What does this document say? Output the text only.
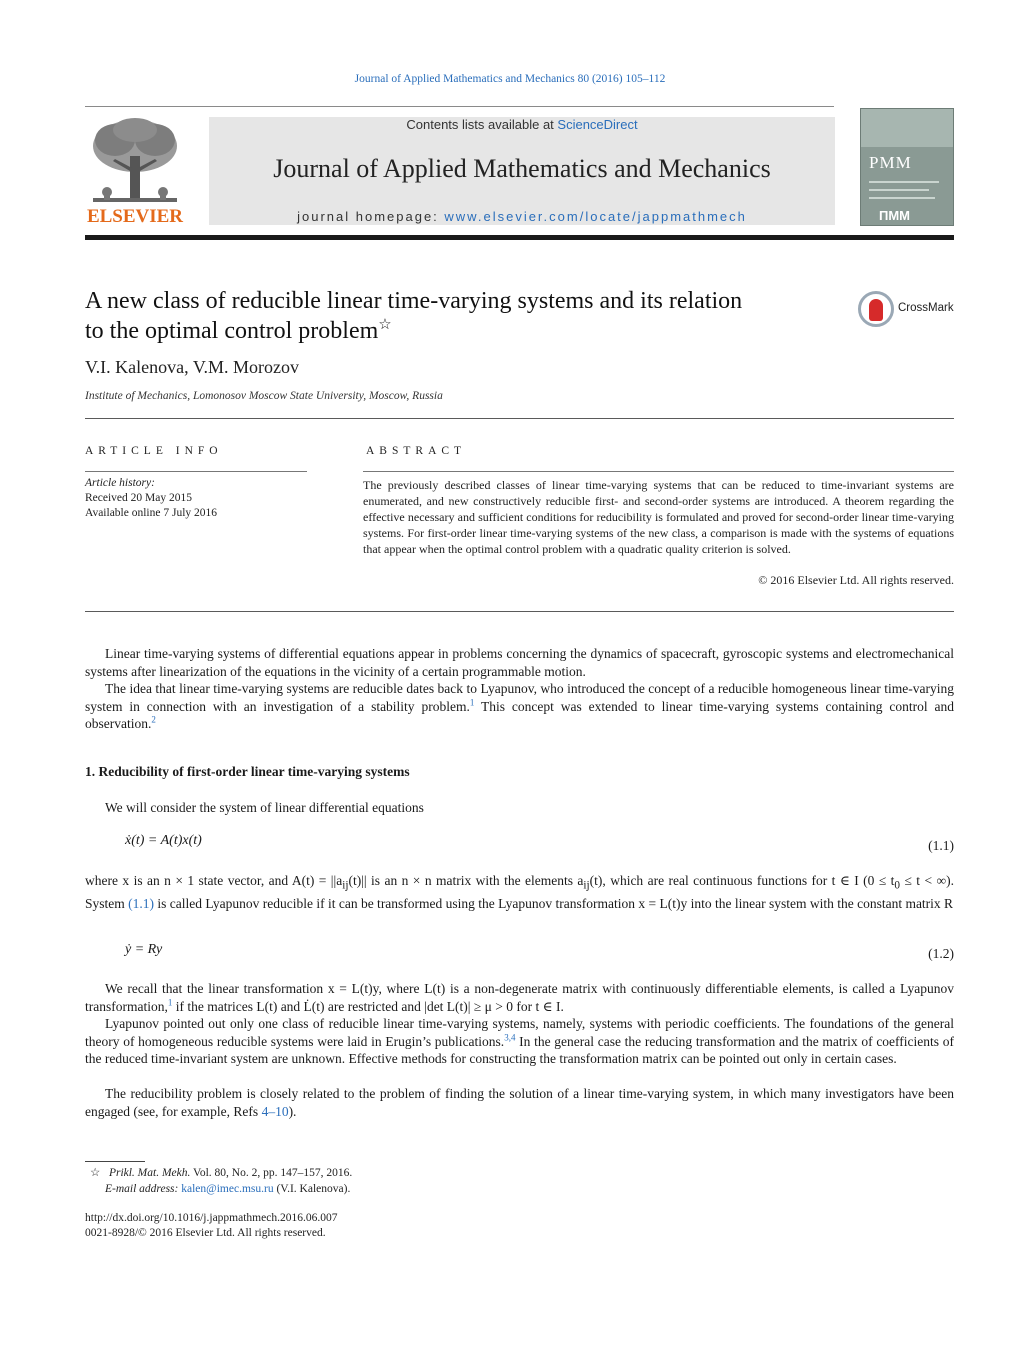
Journal of Applied Mathematics and Mechanics 80 (2016) 105–112
ELSEVIER
Contents lists available at ScienceDirect
Journal of Applied Mathematics and Mechanics
journal homepage: www.elsevier.com/locate/jappmathmech
PMM
ПММ
A new class of reducible linear time-varying systems and its relation
to the optimal control problem☆
CrossMark
V.I. Kalenova, V.M. Morozov
Institute of Mechanics, Lomonosov Moscow State University, Moscow, Russia
ARTICLE INFO
Article history:
Received 20 May 2015
Available online 7 July 2016
ABSTRACT
The previously described classes of linear time-varying systems that can be reduced to time-invariant systems are enumerated, and new constructively reducible first- and second-order systems are introduced. A theorem regarding the effective necessary and sufficient conditions for reducibility is formulated and proved for second-order linear time-varying systems. For first-order linear time-varying systems of the new class, a comparison is made with the systems of equations that appear when the optimal control problem with a quadratic quality criterion is solved.
© 2016 Elsevier Ltd. All rights reserved.
Linear time-varying systems of differential equations appear in problems concerning the dynamics of spacecraft, gyroscopic systems and electromechanical systems after linearization of the equations in the vicinity of a certain programmable motion.
The idea that linear time-varying systems are reducible dates back to Lyapunov, who introduced the concept of a reducible homogeneous linear time-varying system in connection with an investigation of a stability problem.$^1$ This concept was extended to linear time-varying systems containing control and observation.$^2$
1. Reducibility of first-order linear time-varying systems
We will consider the system of linear differential equations
ẋ(t) = A(t)x(t)	(1.1)
where x is an n × 1 state vector, and $A(t) = ||a_{ij}(t)||$ is an n × n matrix with the elements $a_{ij}(t)$, which are real continuous functions for t ∈ I ($0 \le t_0 \le t$ < ∞). System (1.1) is called Lyapunov reducible if it can be transformed using the Lyapunov transformation x = L(t)y into the linear system with the constant matrix R
ẏ = Ry	(1.2)
We recall that the linear transformation x = L(t)y, where L(t) is a non-degenerate matrix with continuously differentiable elements, is called a Lyapunov transformation,$^1$ if the matrices L(t) and L̇(t) are restricted and |det L(t)| ≥ μ > 0 for t ∈ I.
Lyapunov pointed out only one class of reducible linear time-varying systems, namely, systems with periodic coefficients. The foundations of the general theory of homogeneous reducible systems were laid in Erugin’s publications.$^{3,4}$ In the general case the reducing transformation and the matrix of coefficients of the reduced time-invariant system are unknown. Effective methods for constructing the transformation matrix can be pointed out only in certain cases.
The reducibility problem is closely related to the problem of finding the solution of a linear time-varying system, in which many investigators have been engaged (see, for example, Refs 4–10).
☆ Prikl. Mat. Mekh. Vol. 80, No. 2, pp. 147–157, 2016.
E-mail address: kalen@imec.msu.ru (V.I. Kalenova).
http://dx.doi.org/10.1016/j.jappmathmech.2016.06.007
0021-8928/© 2016 Elsevier Ltd. All rights reserved.
